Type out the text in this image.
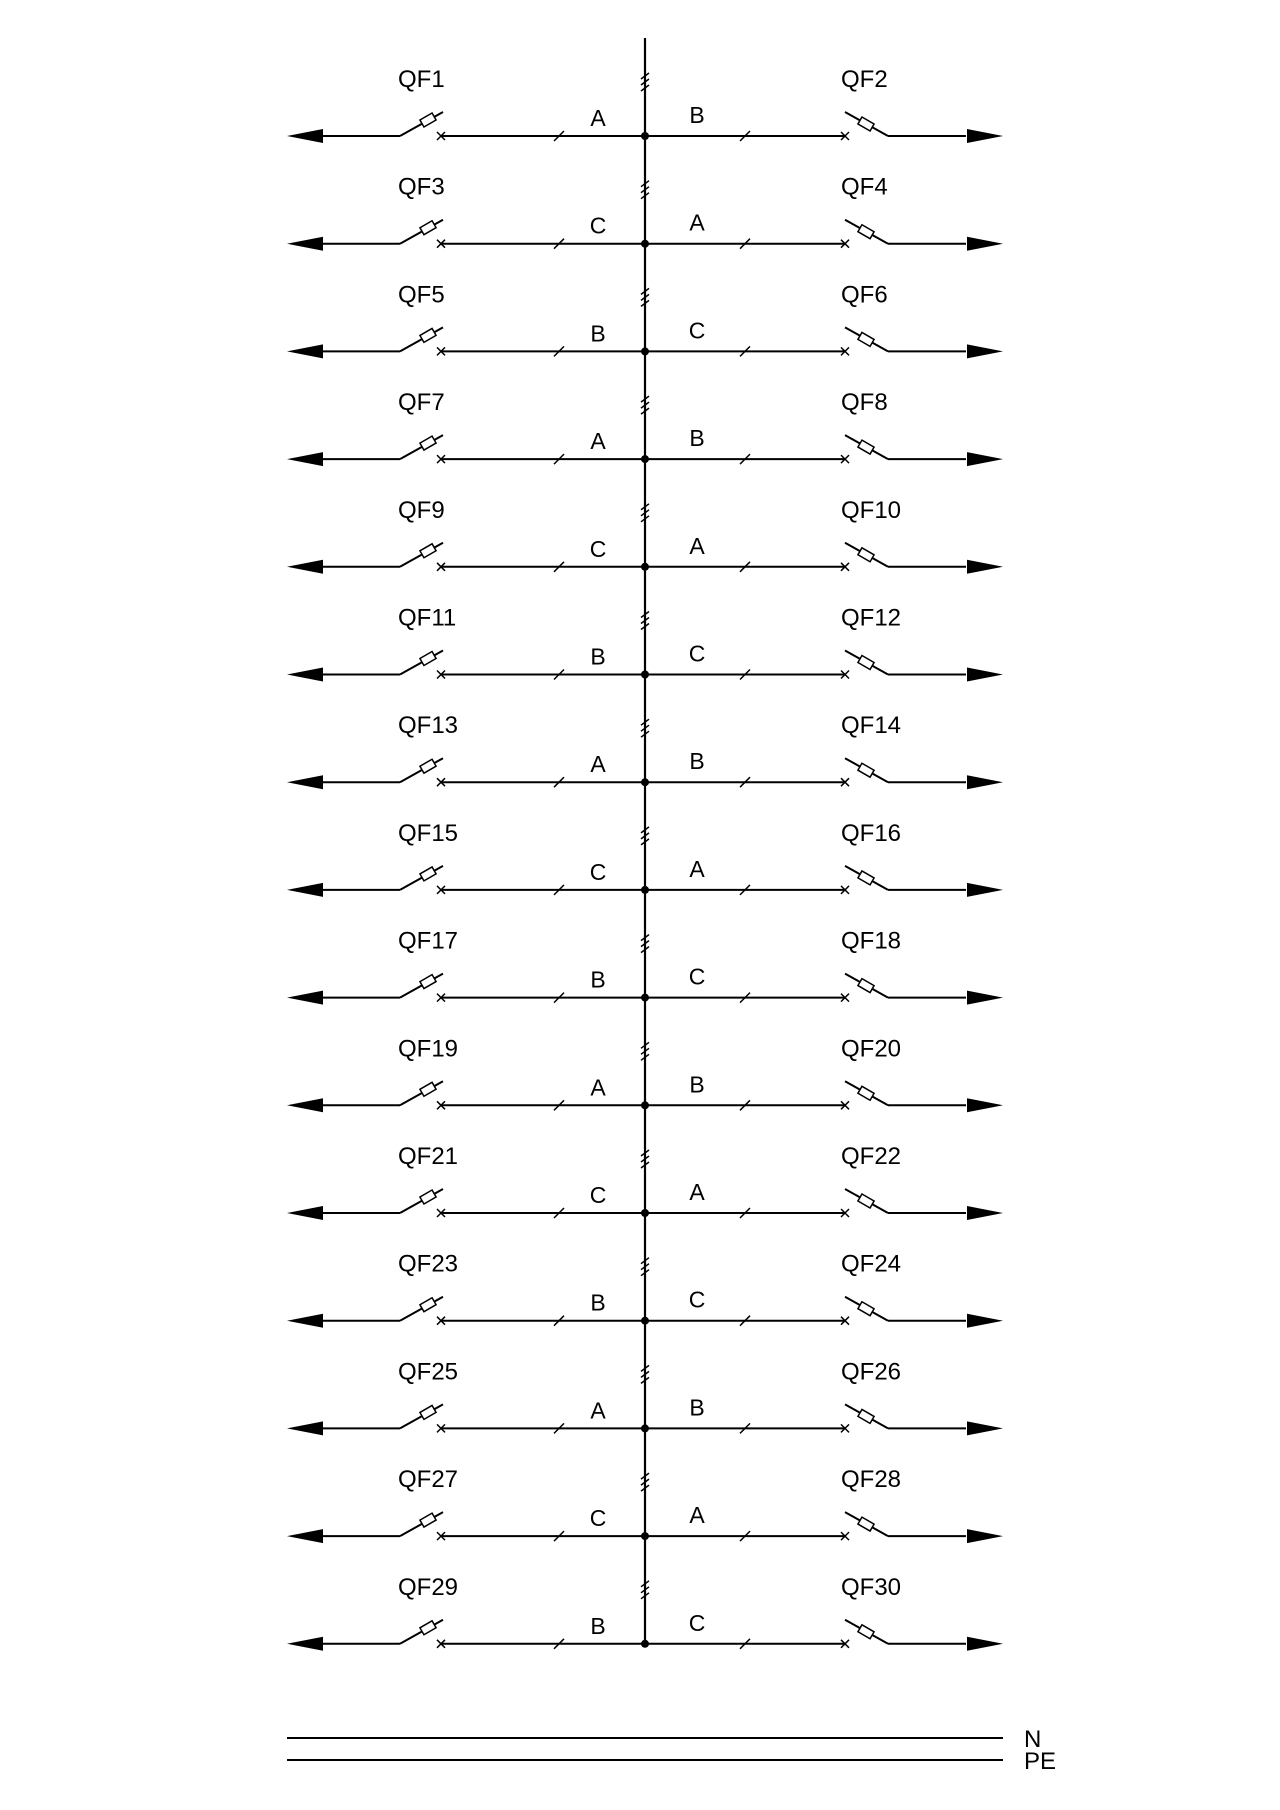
QF1	QF2
A	B
QF3	QF4
C	A
QF5	QF6
B	C
QF7	QF8
A	B
QF9	QF10
C	A
QF11	QF12
B	C
QF13	QF14
A	B
QF15	QF16
C	A
QF17	QF18
B	C
QF19	QF20
A	B
QF21	QF22
C	A
QF23	QF24
B	C
QF25	QF26
A	B
QF27	QF28
C	A
QF29	QF30
B	C
N
PE
